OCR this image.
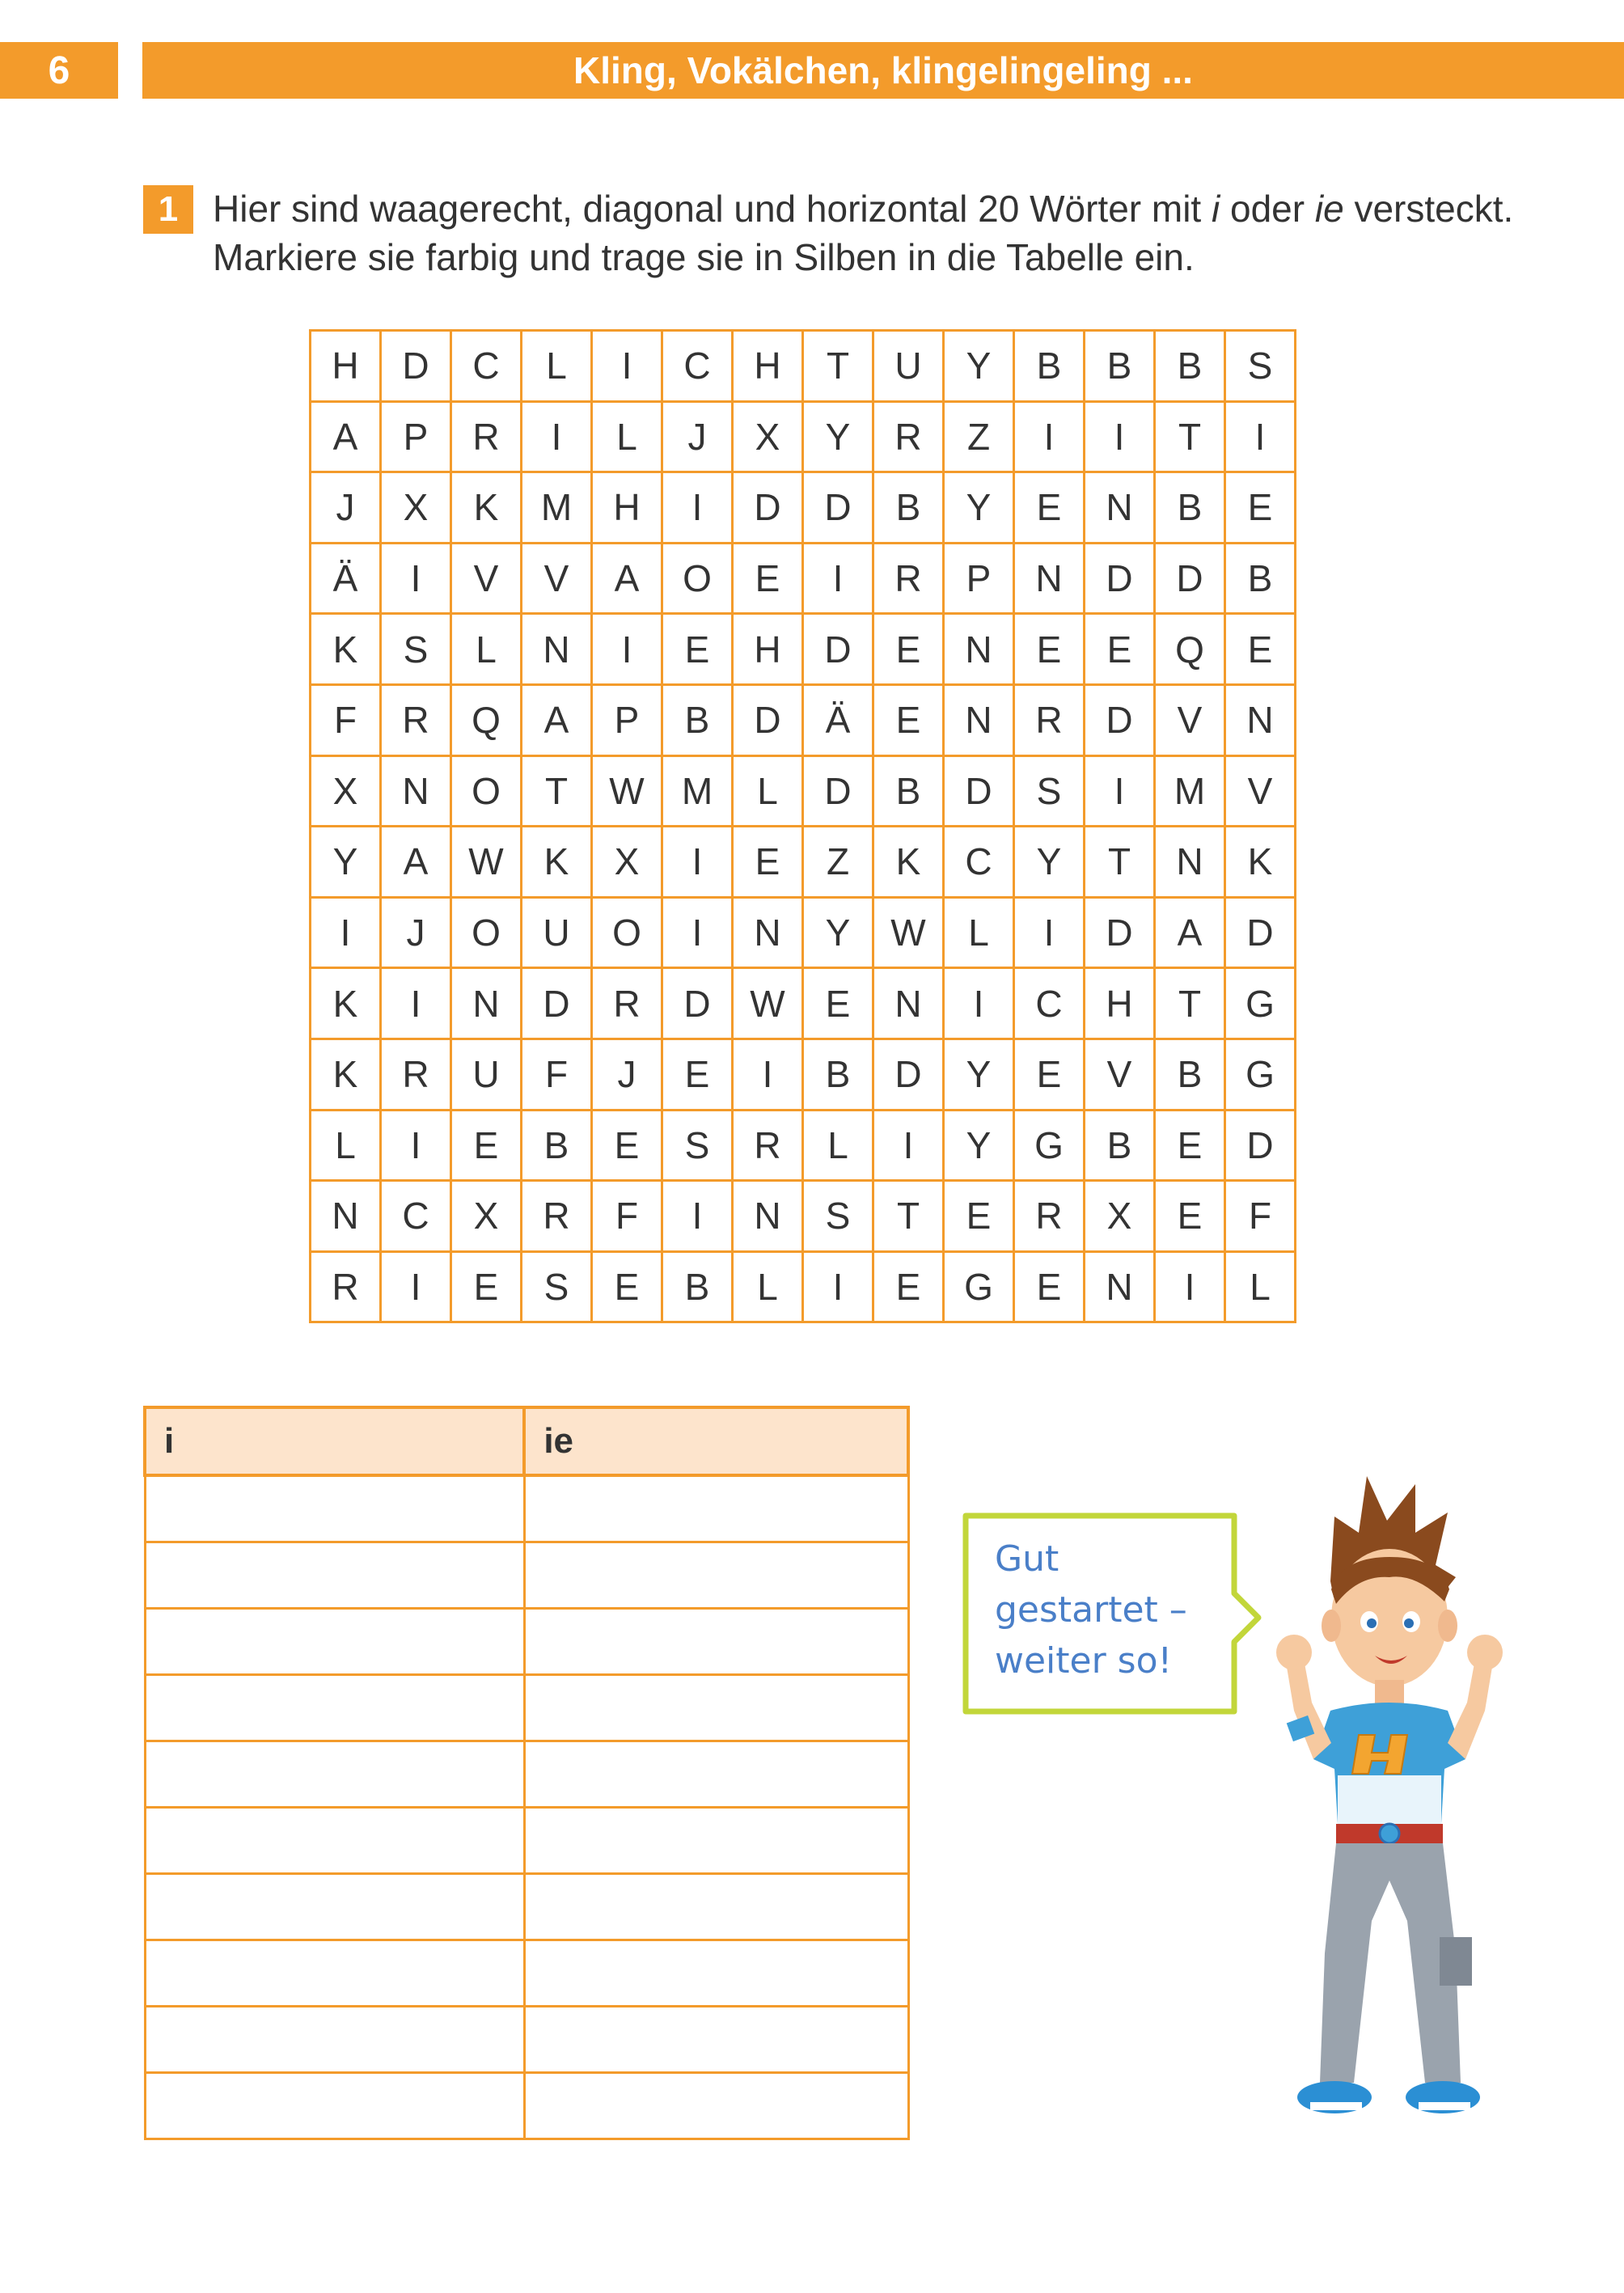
6	Kling, Vokälchen, klingelingeling ...
1 Hier sind waagerecht, diagonal und horizontal 20 Wörter mit i oder ie versteckt. Markiere sie farbig und trage sie in Silben in die Tabelle ein.
H	D	C	L	I	C	H	T	U	Y	B	B	B	S
A	P	R	I	L	J	X	Y	R	Z	I	I	T	I
J	X	K	M	H	I	D	D	B	Y	E	N	B	E
Ä	I	V	V	A	O	E	I	R	P	N	D	D	B
K	S	L	N	I	E	H	D	E	N	E	E	Q	E
F	R	Q	A	P	B	D	Ä	E	N	R	D	V	N
X	N	O	T	W	M	L	D	B	D	S	I	M	V
Y	A	W	K	X	I	E	Z	K	C	Y	T	N	K
I	J	O	U	O	I	N	Y	W	L	I	D	A	D
K	I	N	D	R	D	W	E	N	I	C	H	T	G
K	R	U	F	J	E	I	B	D	Y	E	V	B	G
L	I	E	B	E	S	R	L	I	Y	G	B	E	D
N	C	X	R	F	I	N	S	T	E	R	X	E	F
R	I	E	S	E	B	L	I	E	G	E	N	I	L
i	ie

Gut
gestartet –
weiter so!
